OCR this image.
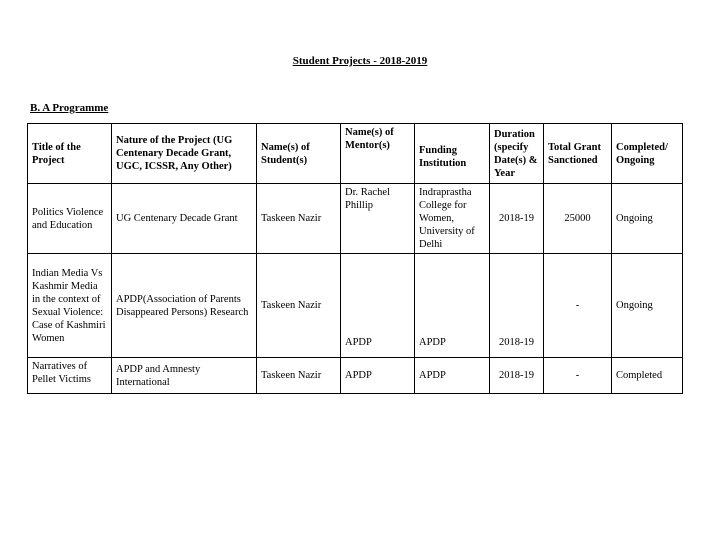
Student Projects - 2018-2019
B. A Programme
Title of the Project	Nature of the Project (UG Centenary Decade Grant, UGC, ICSSR, Any Other)	Name(s) of Student(s)	Name(s) of Mentor(s)	Funding Institution	Duration (specify Date(s) & Year	Total Grant Sanctioned	Completed/ Ongoing
Politics Violence and Education	UG Centenary Decade Grant	Taskeen Nazir	Dr. Rachel Phillip	Indraprastha College for Women, University of Delhi	2018-19	25000	Ongoing
Indian Media Vs Kashmir Media in the context of Sexual Violence: Case of Kashmiri Women	APDP(Association of Parents Disappeared Persons) Research	Taskeen Nazir	APDP	APDP	2018-19	-	Ongoing
Narratives of Pellet Victims	APDP and Amnesty International	Taskeen Nazir	APDP	APDP	2018-19	-	Completed
